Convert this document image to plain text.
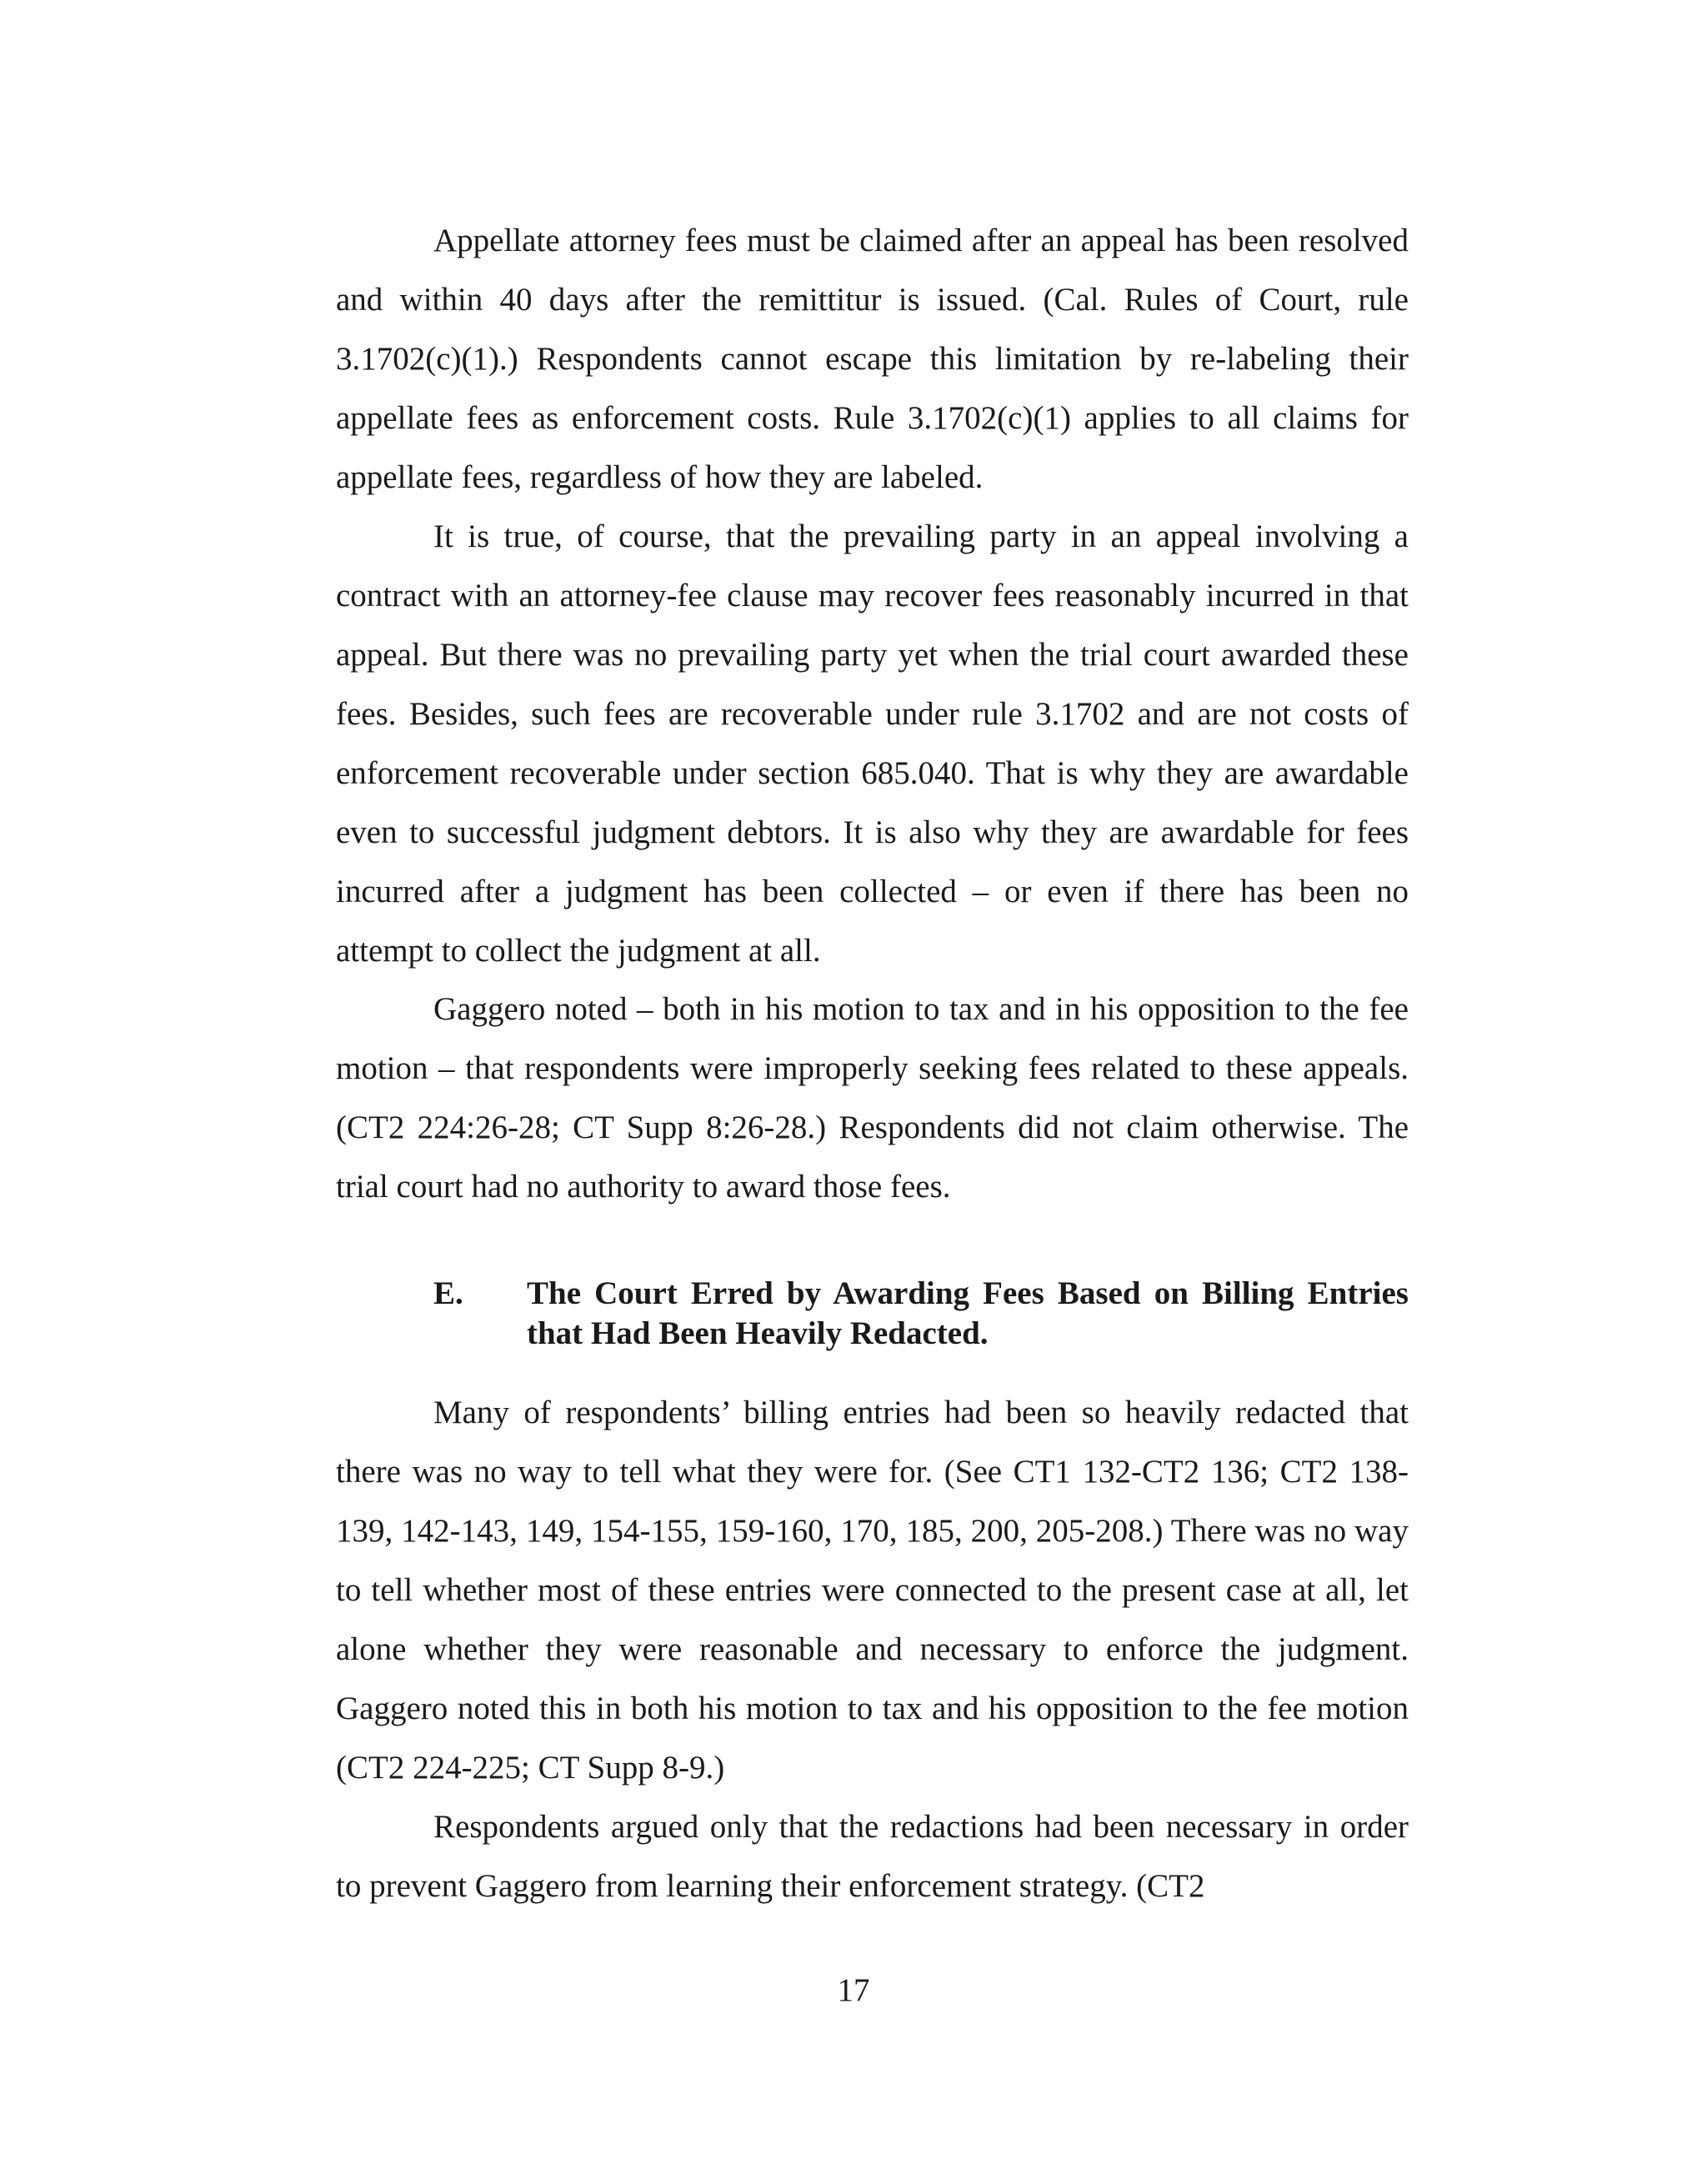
Appellate attorney fees must be claimed after an appeal has been resolved and within 40 days after the remittitur is issued. (Cal. Rules of Court, rule 3.1702(c)(1).) Respondents cannot escape this limitation by re-labeling their appellate fees as enforcement costs. Rule 3.1702(c)(1) applies to all claims for appellate fees, regardless of how they are labeled.

It is true, of course, that the prevailing party in an appeal involving a contract with an attorney-fee clause may recover fees reasonably incurred in that appeal. But there was no prevailing party yet when the trial court awarded these fees. Besides, such fees are recoverable under rule 3.1702 and are not costs of enforcement recoverable under section 685.040. That is why they are awardable even to successful judgment debtors. It is also why they are awardable for fees incurred after a judgment has been collected – or even if there has been no attempt to collect the judgment at all.

Gaggero noted – both in his motion to tax and in his opposition to the fee motion – that respondents were improperly seeking fees related to these appeals. (CT2 224:26-28; CT Supp 8:26-28.) Respondents did not claim otherwise. The trial court had no authority to award those fees.

E. The Court Erred by Awarding Fees Based on Billing Entries that Had Been Heavily Redacted.

Many of respondents’ billing entries had been so heavily redacted that there was no way to tell what they were for. (See CT1 132-CT2 136; CT2 138-139, 142-143, 149, 154-155, 159-160, 170, 185, 200, 205-208.) There was no way to tell whether most of these entries were connected to the present case at all, let alone whether they were reasonable and necessary to enforce the judgment. Gaggero noted this in both his motion to tax and his opposition to the fee motion (CT2 224-225; CT Supp 8-9.)

Respondents argued only that the redactions had been necessary in order to prevent Gaggero from learning their enforcement strategy. (CT2

17
